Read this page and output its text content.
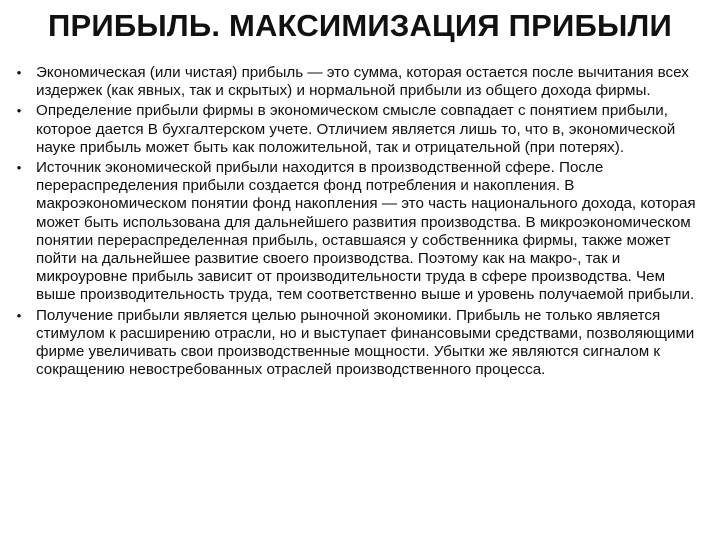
ПРИБЫЛЬ. МАКСИМИЗАЦИЯ ПРИБЫЛИ
• Экономическая (или чистая) прибыль — это сумма, которая остается после вычитания всех издержек (как явных, так и скрытых) и нормальной прибыли из общего дохода фирмы.
• Определение прибыли фирмы в экономическом смысле совпадает с понятием прибыли, которое дается В бухгалтерском учете. Отличием является лишь то, что в, экономической науке прибыль может быть как положительной, так и отрицательной (при потерях).
• Источник экономической прибыли находится в производственной сфере. После перераспределения прибыли создается фонд потребления и накопления. В макроэкономическом понятии фонд накопления — это часть национального дохода, которая может быть использована для дальнейшего развития производства. В микроэкономическом понятии перераспределенная прибыль, оставшаяся у собственника фирмы, также может пойти на дальнейшее развитие своего производства. Поэтому как на макро-, так и микроуровне прибыль зависит от производительности труда в сфере производства. Чем выше производительность труда, тем соответственно выше и уровень получаемой прибыли.
• Получение прибыли является целью рыночной экономики. Прибыль не только является стимулом к расширению отрасли, но и выступает финансовыми средствами, позволяющими фирме увеличивать свои производственные мощности. Убытки же являются сигналом к сокращению невостребованных отраслей производственного процесса.
